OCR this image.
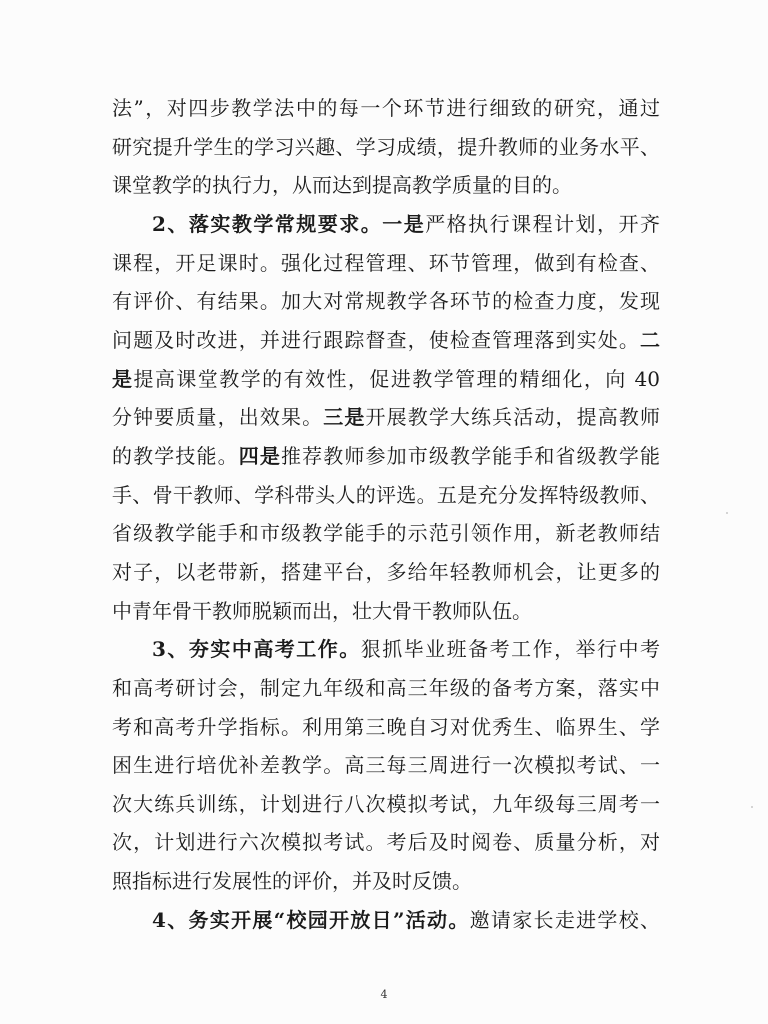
法”，对四步教学法中的每一个环节进行细致的研究，通过
研究提升学生的学习兴趣、学习成绩，提升教师的业务水平、
课堂教学的执行力，从而达到提高教学质量的目的。
2、落实教学常规要求。一是严格执行课程计划，开齐
课程，开足课时。强化过程管理、环节管理，做到有检查、
有评价、有结果。加大对常规教学各环节的检查力度，发现
问题及时改进，并进行跟踪督查，使检查管理落到实处。二
是提高课堂教学的有效性，促进教学管理的精细化，向 40
分钟要质量，出效果。三是开展教学大练兵活动，提高教师
的教学技能。四是推荐教师参加市级教学能手和省级教学能
手、骨干教师、学科带头人的评选。五是充分发挥特级教师、
省级教学能手和市级教学能手的示范引领作用，新老教师结
对子，以老带新，搭建平台，多给年轻教师机会，让更多的
中青年骨干教师脱颖而出，壮大骨干教师队伍。
3、夯实中高考工作。狠抓毕业班备考工作，举行中考
和高考研讨会，制定九年级和高三年级的备考方案，落实中
考和高考升学指标。利用第三晚自习对优秀生、临界生、学
困生进行培优补差教学。高三每三周进行一次模拟考试、一
次大练兵训练，计划进行八次模拟考试，九年级每三周考一
次，计划进行六次模拟考试。考后及时阅卷、质量分析，对
照指标进行发展性的评价，并及时反馈。
4、务实开展“校园开放日”活动。邀请家长走进学校、
4
